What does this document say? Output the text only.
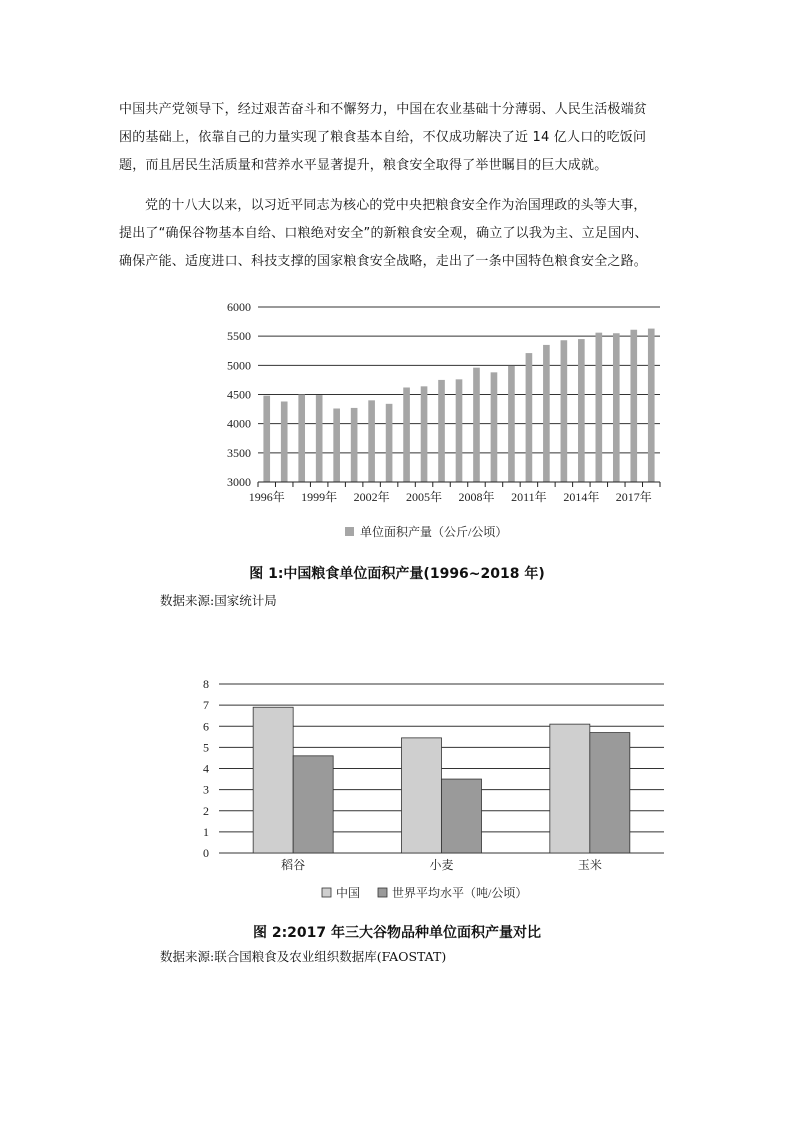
中国共产党领导下，经过艰苦奋斗和不懈努力，中国在农业基础十分薄弱、人民生活极端贫
困的基础上，依靠自己的力量实现了粮食基本自给，不仅成功解决了近 14 亿人口的吃饭问
题，而且居民生活质量和营养水平显著提升，粮食安全取得了举世瞩目的巨大成就。

党的十八大以来，以习近平同志为核心的党中央把粮食安全作为治国理政的头等大事，
提出了“确保谷物基本自给、口粮绝对安全”的新粮食安全观，确立了以我为主、立足国内、
确保产能、适度进口、科技支撑的国家粮食安全战略，走出了一条中国特色粮食安全之路。

3000
3500
4000
4500
5000
5500
6000
1996年 1999年 2002年 2005年 2008年 2011年 2014年 2017年
单位面积产量（公斤/公顷）
图 1:中国粮食单位面积产量(1996~2018 年)
数据来源:国家统计局
0
1
2
3
4
5
6
7
8
稻谷	小麦	玉米
中国	世界平均水平（吨/公顷）
图 2:2017 年三大谷物品种单位面积产量对比
数据来源:联合国粮食及农业组织数据库(FAOSTAT)
